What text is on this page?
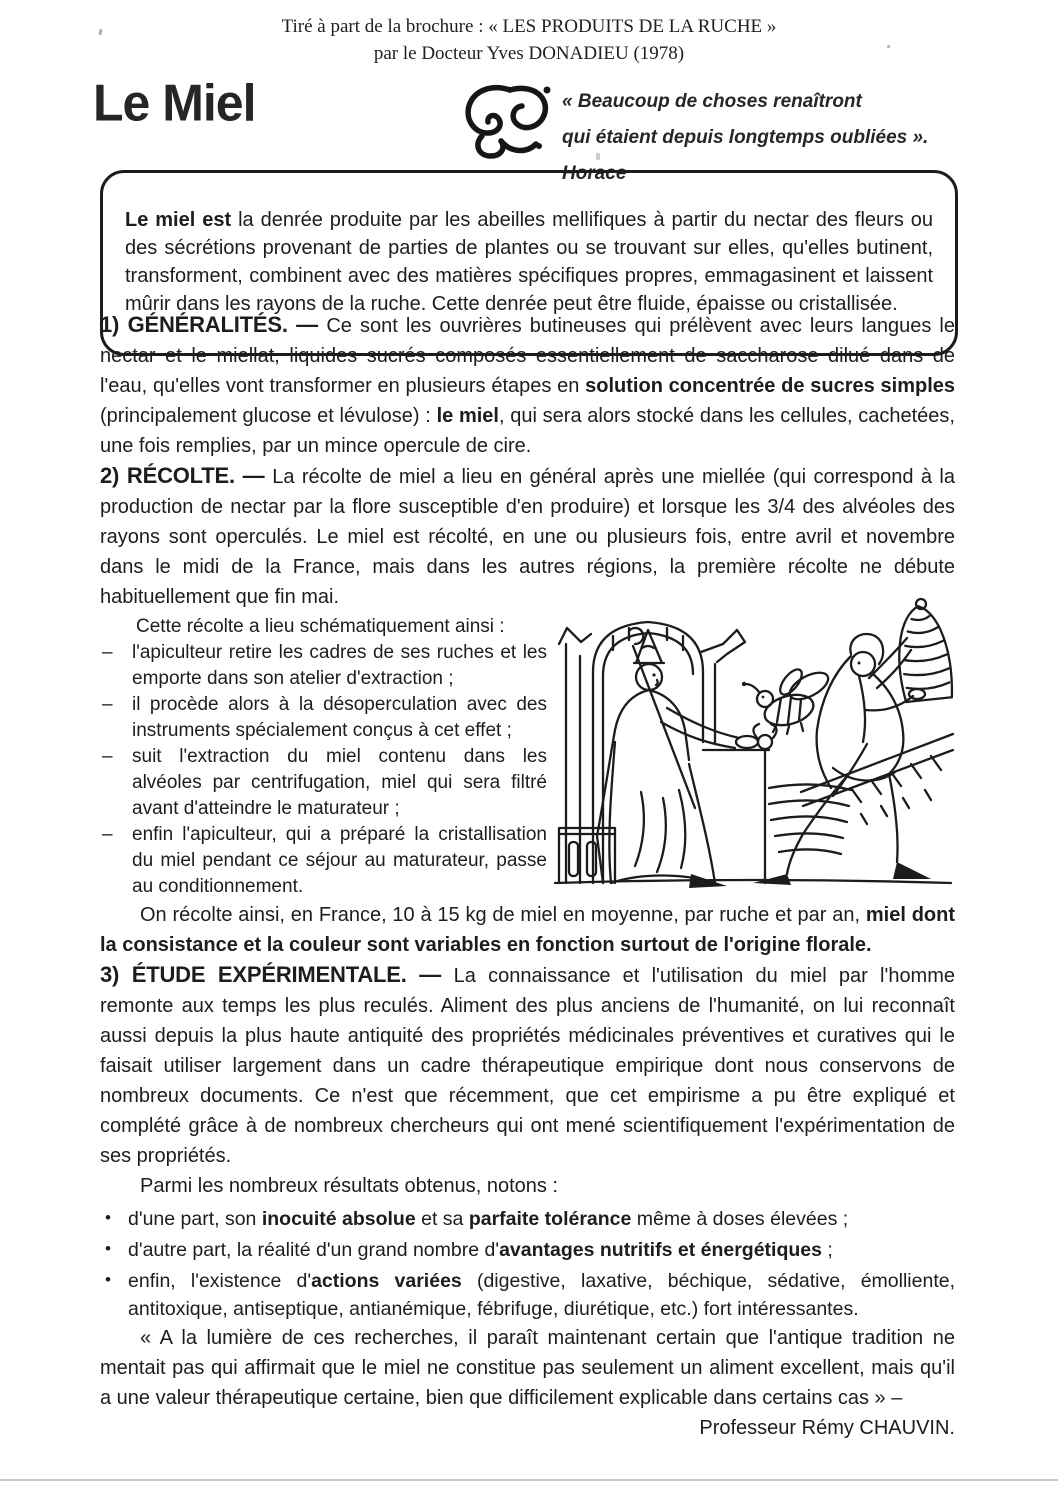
Tiré à part de la brochure : « LES PRODUITS DE LA RUCHE »
par le Docteur Yves DONADIEU (1978)
Le Miel	« Beaucoup de choses renaîtront
qui étaient depuis longtemps oubliées ». Horace

Le miel est la denrée produite par les abeilles mellifiques à partir du nectar des fleurs ou des sécrétions provenant de parties de plantes ou se trouvant sur elles, qu'elles butinent, transforment, combinent avec des matières spécifiques propres, emmagasinent et laissent mûrir dans les rayons de la ruche. Cette denrée peut être fluide, épaisse ou cristallisée.

1) GÉNÉRALITÉS. — Ce sont les ouvrières butineuses qui prélèvent avec leurs langues le nectar et le miellat, liquides sucrés composés essentiellement de saccharose dilué dans de l'eau, qu'elles vont transformer en plusieurs étapes en solution concentrée de sucres simples (principalement glucose et lévulose) : le miel, qui sera alors stocké dans les cellules, cachetées, une fois remplies, par un mince opercule de cire.

2) RÉCOLTE. — La récolte de miel a lieu en général après une miellée (qui correspond à la production de nectar par la flore susceptible d'en produire) et lorsque les 3/4 des alvéoles des rayons sont operculés. Le miel est récolté, en une ou plusieurs fois, entre avril et novembre dans le midi de la France, mais dans les autres régions, la première récolte ne débute habituellement que fin mai.

Cette récolte a lieu schématiquement ainsi :

– l'apiculteur retire les cadres de ses ruches et les emporte dans son atelier d'extraction ;
– il procède alors à la désoperculation avec des instruments spécialement conçus à cet effet ;
– suit l'extraction du miel contenu dans les alvéoles par centrifugation, miel qui sera filtré avant d'atteindre le maturateur ;
– enfin l'apiculteur, qui a préparé la cristallisation du miel pendant ce séjour au maturateur, passe au conditionnement.

On récolte ainsi, en France, 10 à 15 kg de miel en moyenne, par ruche et par an, miel dont la consistance et la couleur sont variables en fonction surtout de l'origine florale.

3) ÉTUDE EXPÉRIMENTALE. — La connaissance et l'utilisation du miel par l'homme remonte aux temps les plus reculés. Aliment des plus anciens de l'humanité, on lui reconnaît aussi depuis la plus haute antiquité des propriétés médicinales préventives et curatives qui le faisait utiliser largement dans un cadre thérapeutique empirique dont nous conservons de nombreux documents. Ce n'est que récemment, que cet empirisme a pu être expliqué et complété grâce à de nombreux chercheurs qui ont mené scientifiquement l'expérimentation de ses propriétés.

Parmi les nombreux résultats obtenus, notons :

• d'une part, son inocuité absolue et sa parfaite tolérance même à doses élevées ;
• d'autre part, la réalité d'un grand nombre d'avantages nutritifs et énergétiques ;
• enfin, l'existence d'actions variées (digestive, laxative, béchique, sédative, émolliente, antitoxique, antiseptique, antianémique, fébrifuge, diurétique, etc.) fort intéressantes.

« A la lumière de ces recherches, il paraît maintenant certain que l'antique tradition ne mentait pas qui affirmait que le miel ne constitue pas seulement un aliment excellent, mais qu'il a une valeur thérapeutique certaine, bien que difficilement explicable dans certains cas » –

Professeur Rémy CHAUVIN.
